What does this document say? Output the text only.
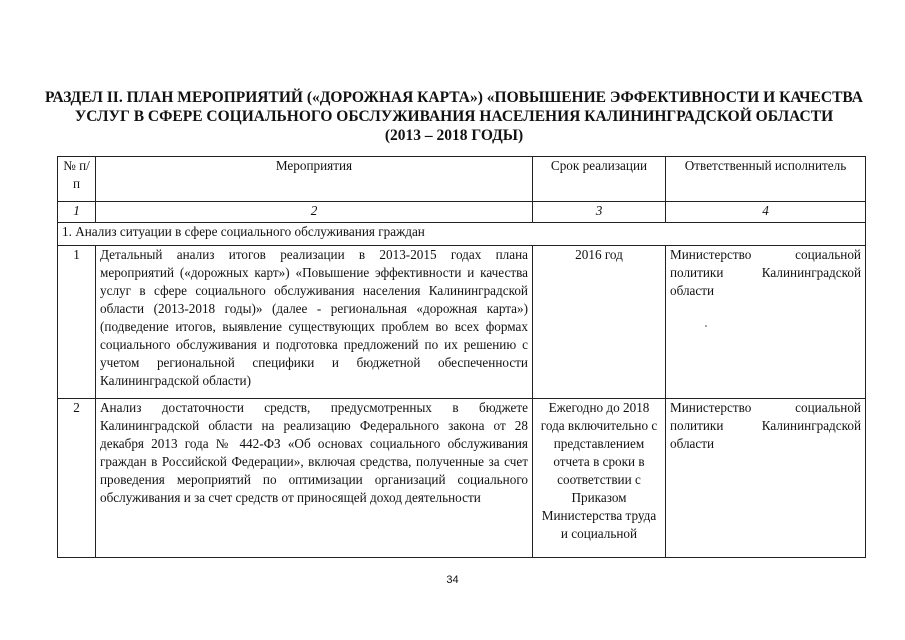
РАЗДЕЛ II. ПЛАН МЕРОПРИЯТИЙ («ДОРОЖНАЯ КАРТА») «ПОВЫШЕНИЕ ЭФФЕКТИВНОСТИ И КАЧЕСТВА
УСЛУГ В СФЕРЕ СОЦИАЛЬНОГО ОБСЛУЖИВАНИЯ НАСЕЛЕНИЯ КАЛИНИНГРАДСКОЙ ОБЛАСТИ
(2013 – 2018 ГОДЫ)
№ п/п	Мероприятия	Срок реализации	Ответственный исполнитель
1	2	3	4
1. Анализ ситуации в сфере социального обслуживания граждан			
1	Детальный анализ итогов реализации в 2013-2015 годах плана мероприятий («дорожных карт») «Повышение эффективности и качества услуг в сфере социального обслуживания населения Калининградской области (2013-2018 годы)» (далее - региональная «дорожная карта») (подведение итогов, выявление существующих проблем во всех формах социального обслуживания и подготовка предложений по их решению с учетом региональной специфики и бюджетной обеспеченности Калининградской области)	2016 год	Министерство социальной политики Калининградской области
2	Анализ достаточности средств, предусмотренных в бюджете Калининградской области на реализацию Федерального закона от 28 декабря 2013 года № 442-ФЗ «Об основах социального обслуживания граждан в Российской Федерации», включая средства, полученные за счет проведения мероприятий по оптимизации организаций социального обслуживания и за счет средств от приносящей доход деятельности	Ежегодно до 2018 года включительно с представлением отчета в сроки в соответствии с Приказом Министерства труда и социальной	Министерство социальной политики Калининградской области
34
